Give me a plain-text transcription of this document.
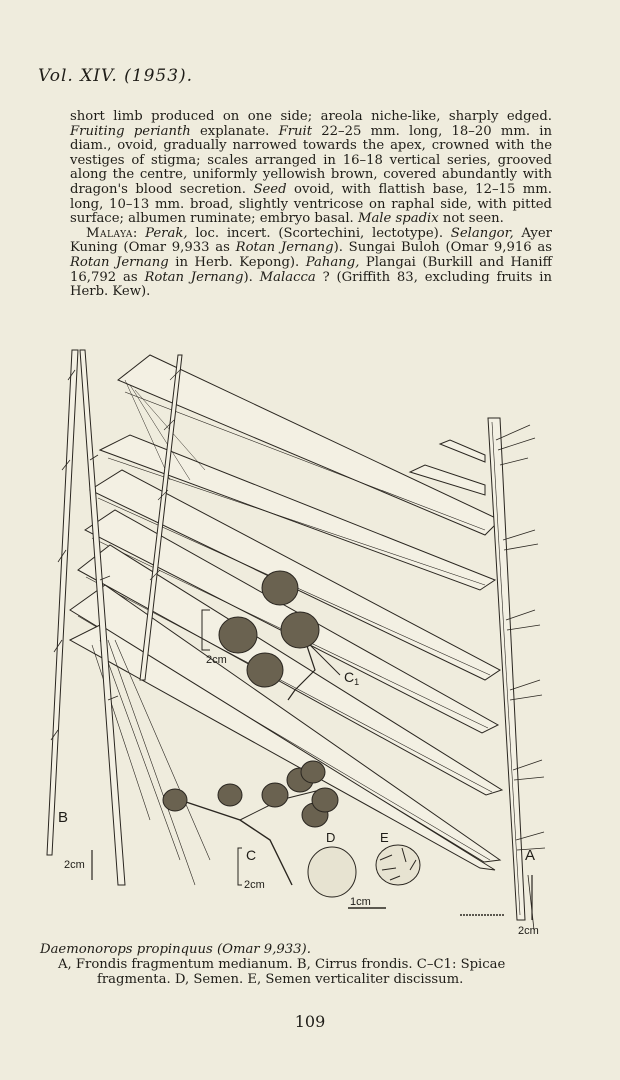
Vol. XIV. (1953).

short limb produced on one side; areola niche-like, sharply edged. Fruiting perianth explanate. Fruit 22–25 mm. long, 18–20 mm. in diam., ovoid, gradually narrowed towards the apex, crowned with the vestiges of stigma; scales arranged in 16–18 vertical series, grooved along the centre, uniformly yellowish brown, covered abundantly with dragon's blood secretion. Seed ovoid, with flattish base, 12–15 mm. long, 10–13 mm. broad, slightly ventricose on raphal side, with pitted surface; albumen ruminate; embryo basal. Male spadix not seen.

Malaya: Perak, loc. incert. (Scortechini, lectotype). Selangor, Ayer Kuning (Omar 9,933 as Rotan Jernang). Sungai Buloh (Omar 9,916 as Rotan Jernang in Herb. Kepong). Pahang, Plangai (Burkill and Haniff 16,792 as Rotan Jernang). Malacca ? (Griffith 83, excluding fruits in Herb. Kew).

A
B
C
$C_1$
D	E
2cm
2cm
2cm
2cm
1cm
Daemonorops propinquus (Omar 9,933).
A, Frondis fragmentum medianum. B, Cirrus frondis. C–C1: Spicae
fragmenta. D, Semen. E, Semen verticaliter discissum.
109
